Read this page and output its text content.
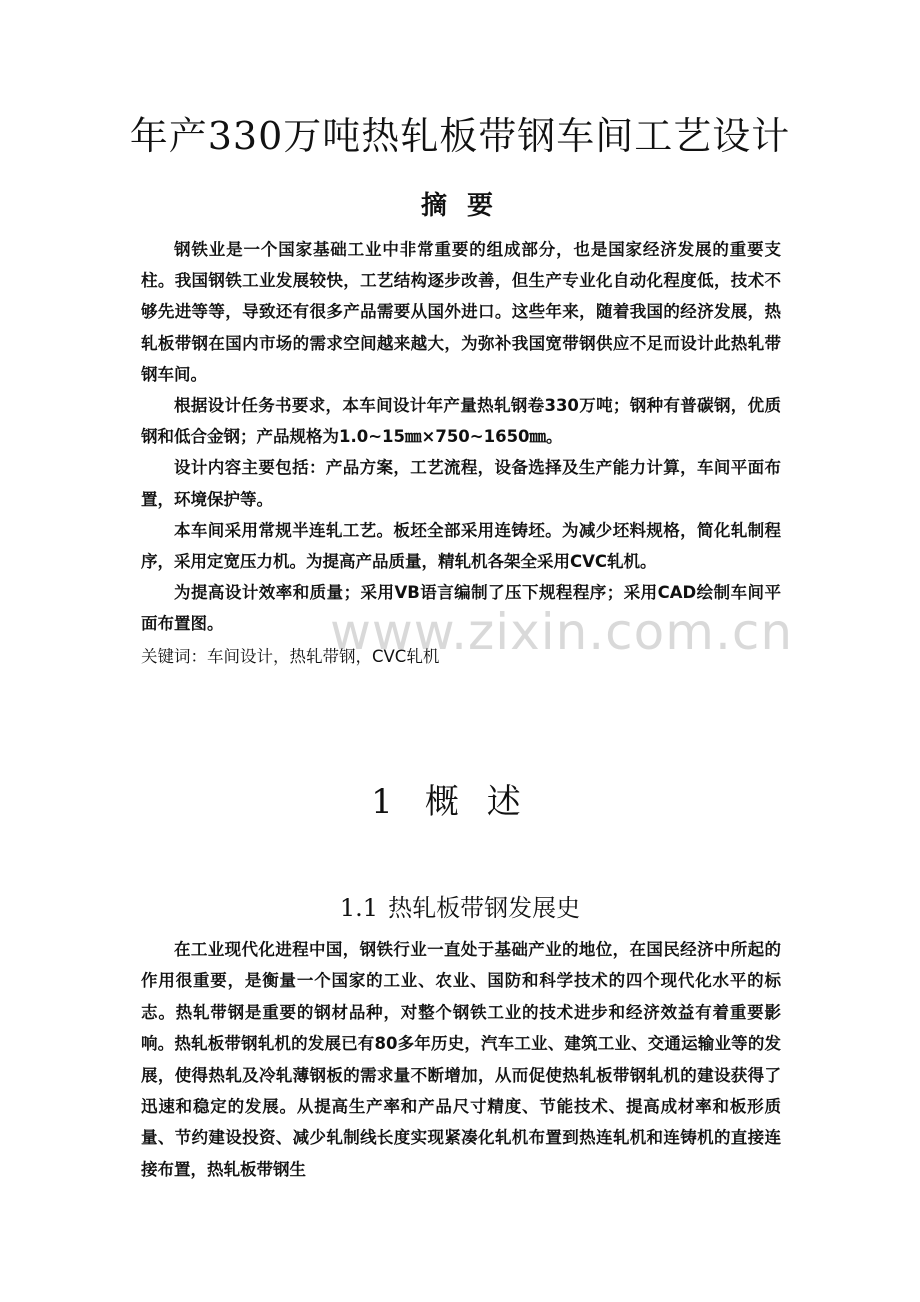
年产330万吨热轧板带钢车间工艺设计
摘要

钢铁业是一个国家基础工业中非常重要的组成部分，也是国家经济发展的重要支柱。我国钢铁工业发展较快，工艺结构逐步改善，但生产专业化自动化程度低，技术不够先进等等，导致还有很多产品需要从国外进口。这些年来，随着我国的经济发展，热轧板带钢在国内市场的需求空间越来越大，为弥补我国宽带钢供应不足而设计此热轧带钢车间。

根据设计任务书要求，本车间设计年产量热轧钢卷330万吨；钢种有普碳钢，优质钢和低合金钢；产品规格为1.0~15㎜×750~1650㎜。

设计内容主要包括：产品方案，工艺流程，设备选择及生产能力计算，车间平面布置，环境保护等。

本车间采用常规半连轧工艺。板坯全部采用连铸坯。为减少坯料规格，简化轧制程序，采用定宽压力机。为提高产品质量，精轧机各架全采用CVC轧机。

为提高设计效率和质量；采用VB语言编制了压下规程程序；采用CAD绘制车间平面布置图。

关键词：车间设计，热轧带钢，CVC轧机
1 概述
1.1 热轧板带钢发展史

在工业现代化进程中国，钢铁行业一直处于基础产业的地位，在国民经济中所起的作用很重要，是衡量一个国家的工业、农业、国防和科学技术的四个现代化水平的标志。热轧带钢是重要的钢材品种，对整个钢铁工业的技术进步和经济效益有着重要影响。热轧板带钢轧机的发展已有80多年历史，汽车工业、建筑工业、交通运输业等的发展，使得热轧及冷轧薄钢板的需求量不断增加，从而促使热轧板带钢轧机的建设获得了迅速和稳定的发展。从提高生产率和产品尺寸精度、节能技术、提高成材率和板形质量、节约建设投资、减少轧制线长度实现紧凑化轧机布置到热连轧机和连铸机的直接连接布置，热轧板带钢生

www.zixin.com.cn
